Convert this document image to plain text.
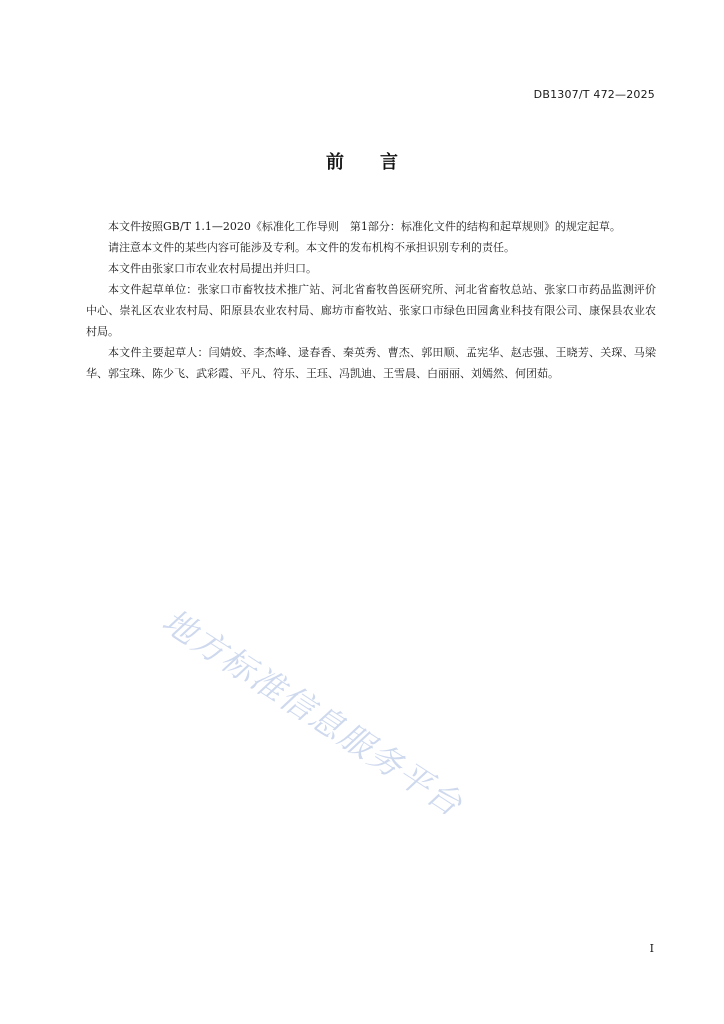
DB1307/T 472—2025
前 言

本文件按照GB/T 1.1—2020《标准化工作导则　第1部分：标准化文件的结构和起草规则》的规定起草。

请注意本文件的某些内容可能涉及专利。本文件的发布机构不承担识别专利的责任。

本文件由张家口市农业农村局提出并归口。

本文件起草单位：张家口市畜牧技术推广站、河北省畜牧兽医研究所、河北省畜牧总站、张家口市药品监测评价中心、崇礼区农业农村局、阳原县农业农村局、廊坊市畜牧站、张家口市绿色田园禽业科技有限公司、康保县农业农村局。

本文件主要起草人：闫婧姣、李杰峰、逯春香、秦英秀、曹杰、郭田顺、孟宪华、赵志强、王晓芳、关琛、马梁华、郭宝珠、陈少飞、武彩霞、平凡、符乐、王珏、冯凯迪、王雪晨、白丽丽、刘嫣然、何团茹。

地方标准信息服务平台
I
